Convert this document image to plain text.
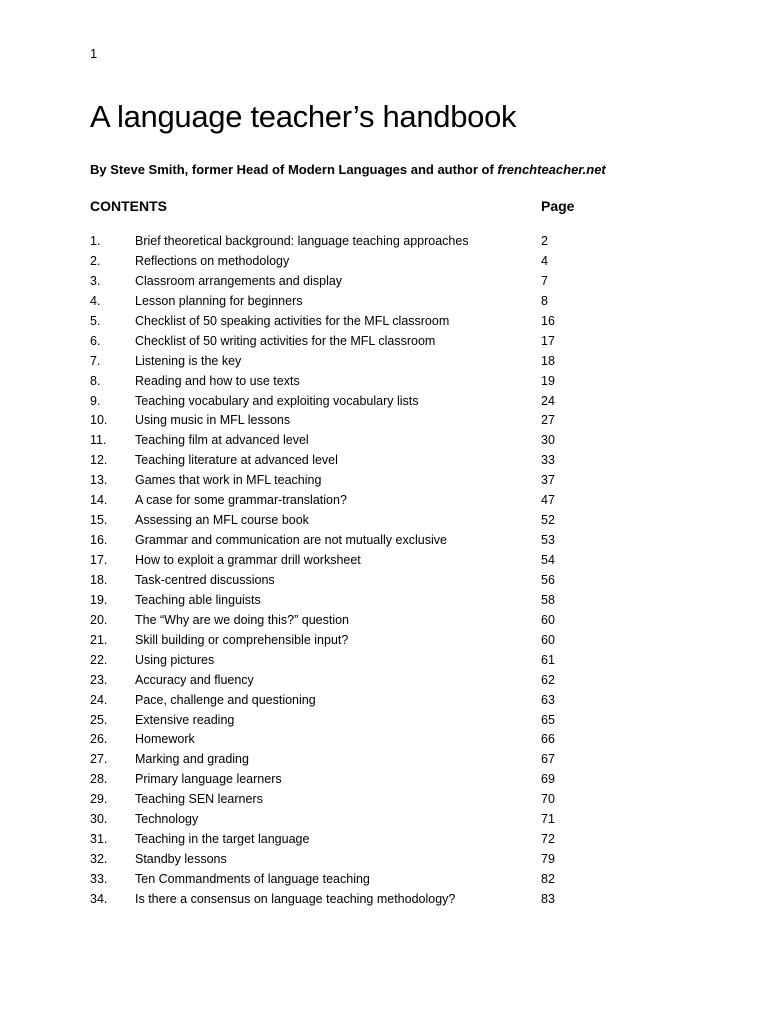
1
A language teacher’s handbook
By Steve Smith, former Head of Modern Languages and author of frenchteacher.net
CONTENTS	Page
1.	Brief theoretical background: language teaching approaches	2
2.	Reflections on methodology	4
3.	Classroom arrangements and display	7
4.	Lesson planning for beginners	8
5.	Checklist of 50 speaking activities for the MFL classroom	16
6.	Checklist of 50 writing activities for the MFL classroom	17
7.	Listening is the key	18
8.	Reading and how to use texts	19
9.	Teaching vocabulary and exploiting vocabulary lists	24
10. Using music in MFL lessons	27
11. Teaching film at advanced level	30
12. Teaching literature at advanced level	33
13. Games that work in MFL teaching	37
14. A case for some grammar-translation?	47
15. Assessing an MFL course book	52
16. Grammar and communication are not mutually exclusive	53
17. How to exploit a grammar drill worksheet	54
18. Task-centred discussions	56
19. Teaching able linguists	58
20. The “Why are we doing this?” question	60
21. Skill building or comprehensible input?	60
22. Using pictures	61
23. Accuracy and fluency	62
24. Pace, challenge and questioning	63
25. Extensive reading	65
26. Homework	66
27. Marking and grading	67
28. Primary language learners	69
29. Teaching SEN learners	70
30. Technology	71
31. Teaching in the target language	72
32. Standby lessons	79
33. Ten Commandments of language teaching	82
34. Is there a consensus on language teaching methodology?	83
